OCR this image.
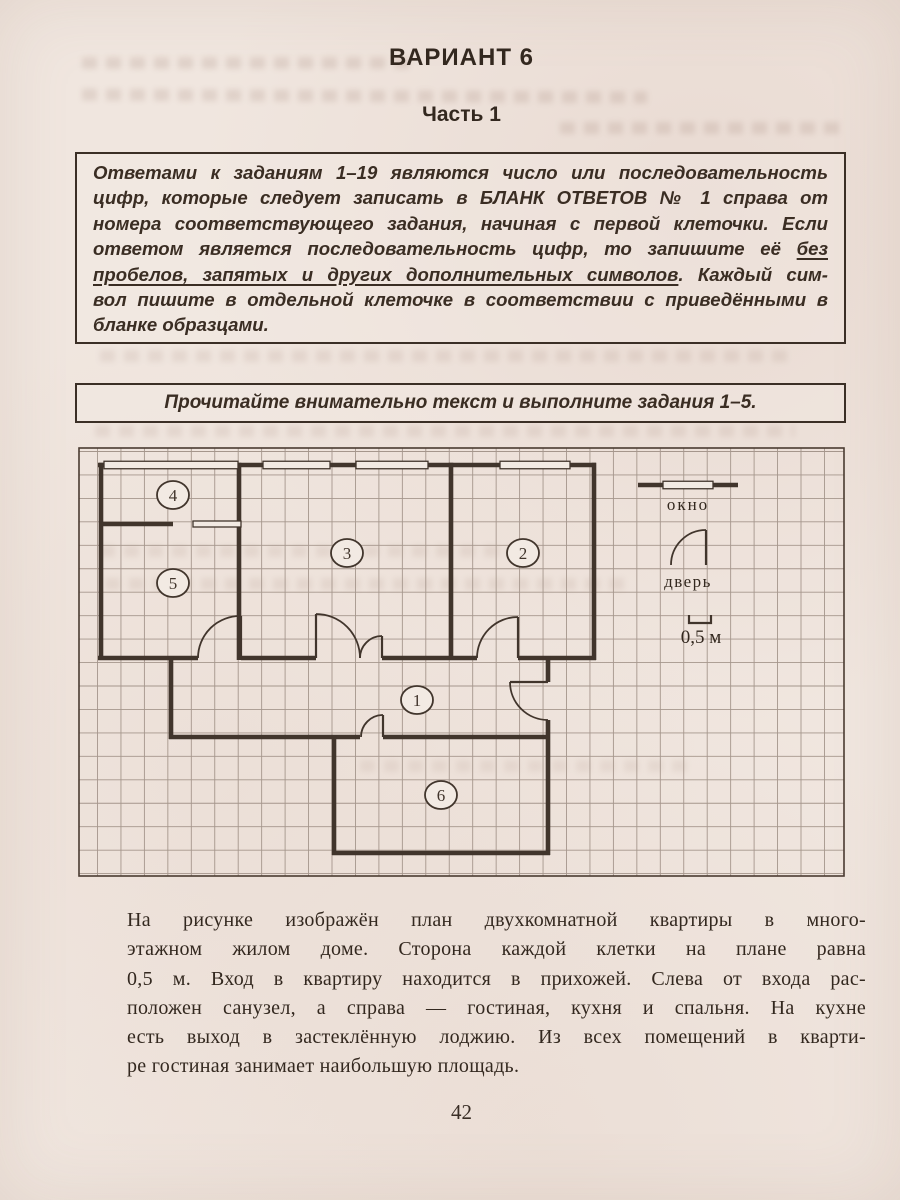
ВАРИАНТ 6
Часть 1
Ответами к заданиям 1–19 являются число или последовательность
цифр, которые следует записать в БЛАНК ОТВЕТОВ № 1 справа от
номера соответствующего задания, начиная с первой клеточки. Если
ответом является последовательность цифр, то запишите её без
пробелов, запятых и других дополнительных символов. Каждый сим-
вол пишите в отдельной клеточке в соответствии с приведёнными в
бланке образцами.
Прочитайте внимательно текст и выполните задания 1–5.
1
2
3
4
5
6
окно
дверь
0,5 м
На рисунке изображён план двухкомнатной квартиры в много-
этажном жилом доме. Сторона каждой клетки на плане равна
0,5 м. Вход в квартиру находится в прихожей. Слева от входа рас-
положен санузел, а справа — гостиная, кухня и спальня. На кухне
есть выход в застеклённую лоджию. Из всех помещений в кварти-
ре гостиная занимает наибольшую площадь.
42
